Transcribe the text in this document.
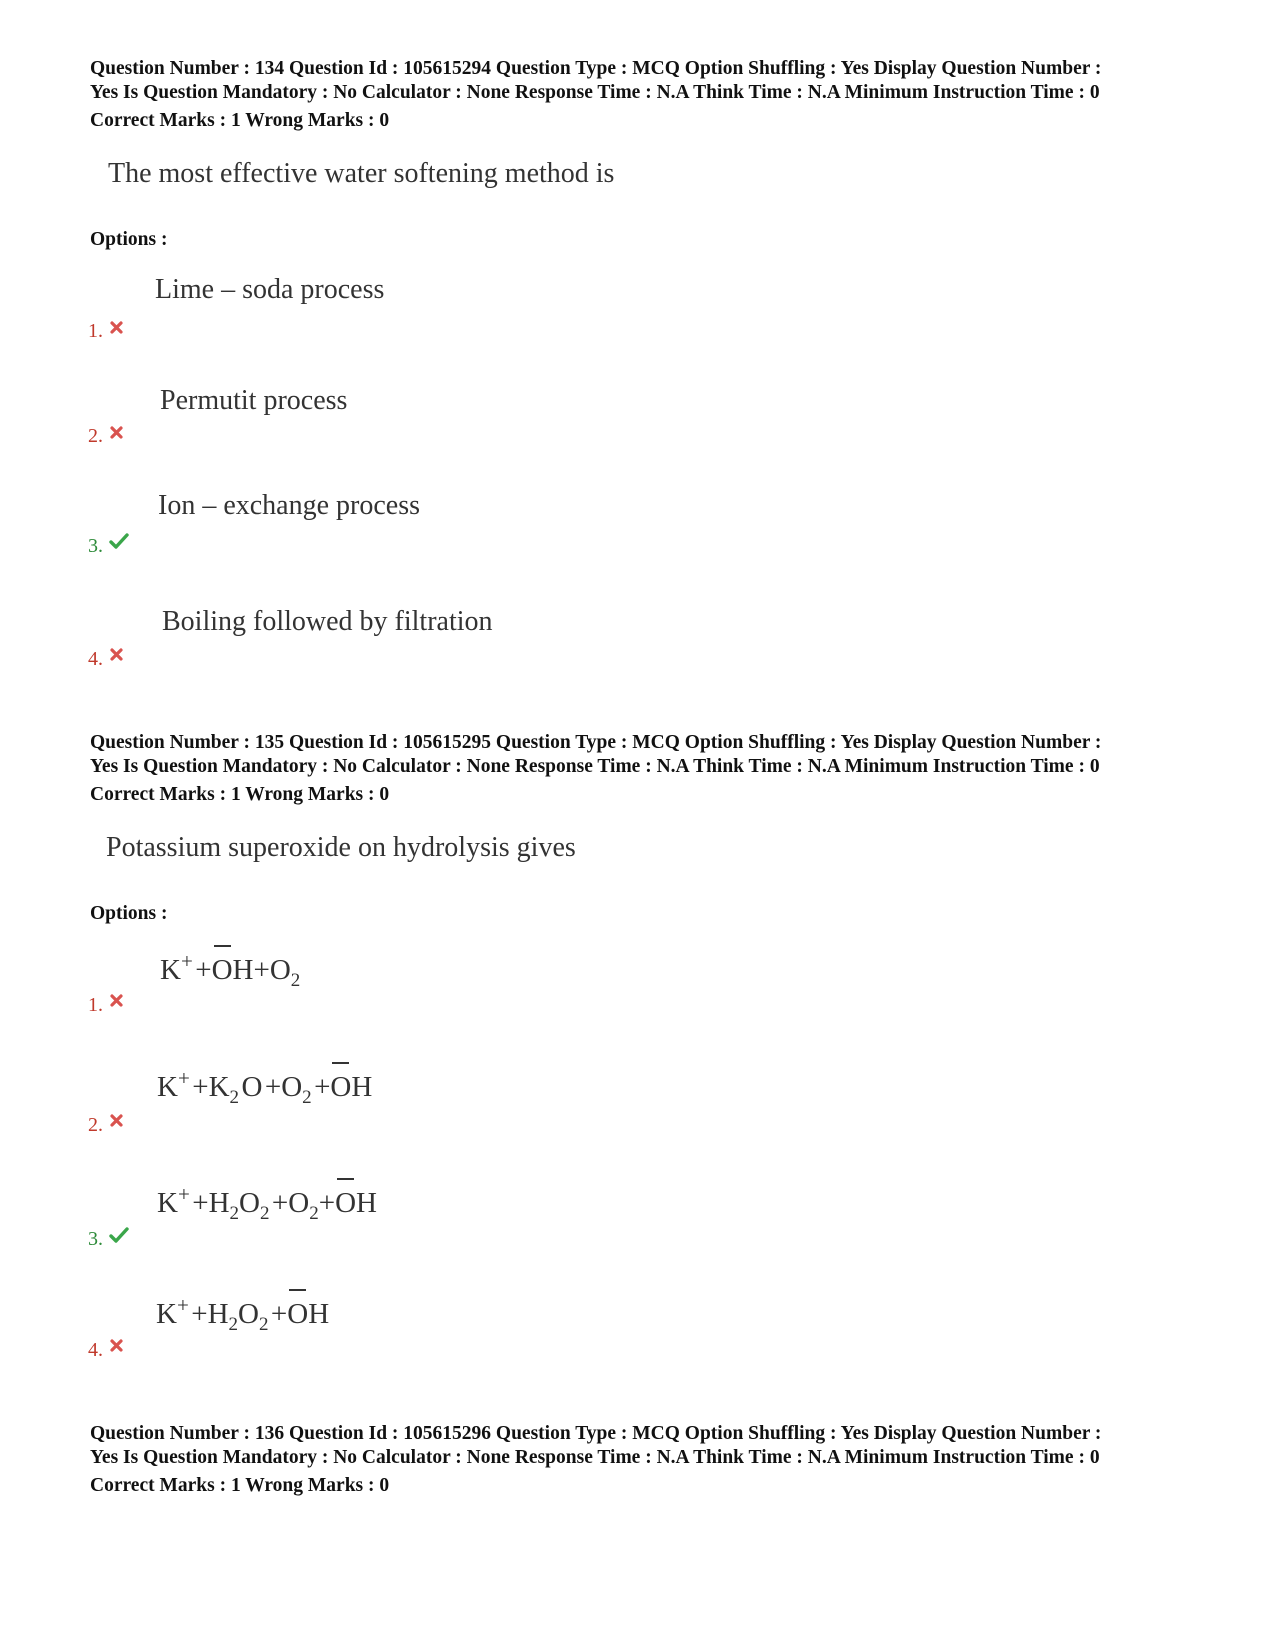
Question Number : 134 Question Id : 105615294 Question Type : MCQ Option Shuffling : Yes Display Question Number :

Yes Is Question Mandatory : No Calculator : None Response Time : N.A Think Time : N.A Minimum Instruction Time : 0

Correct Marks : 1 Wrong Marks : 0

The most effective water softening method is

Options :

Lime – soda process

1.

Permutit process

2.

Ion – exchange process

3.

Boiling followed by filtration

4.

Question Number : 135 Question Id : 105615295 Question Type : MCQ Option Shuffling : Yes Display Question Number :

Yes Is Question Mandatory : No Calculator : None Response Time : N.A Think Time : N.A Minimum Instruction Time : 0

Correct Marks : 1 Wrong Marks : 0

Potassium superoxide on hydrolysis gives

Options :

K+ $+OH+O_2$

1.

K+ $+K_2$ O $+O_2$ +OH

2.

K+ $+H_2O_2$ $+O_2+OH$

3.

K+ $+H_2O_2$ +OH

4.

Question Number : 136 Question Id : 105615296 Question Type : MCQ Option Shuffling : Yes Display Question Number :

Yes Is Question Mandatory : No Calculator : None Response Time : N.A Think Time : N.A Minimum Instruction Time : 0

Correct Marks : 1 Wrong Marks : 0
